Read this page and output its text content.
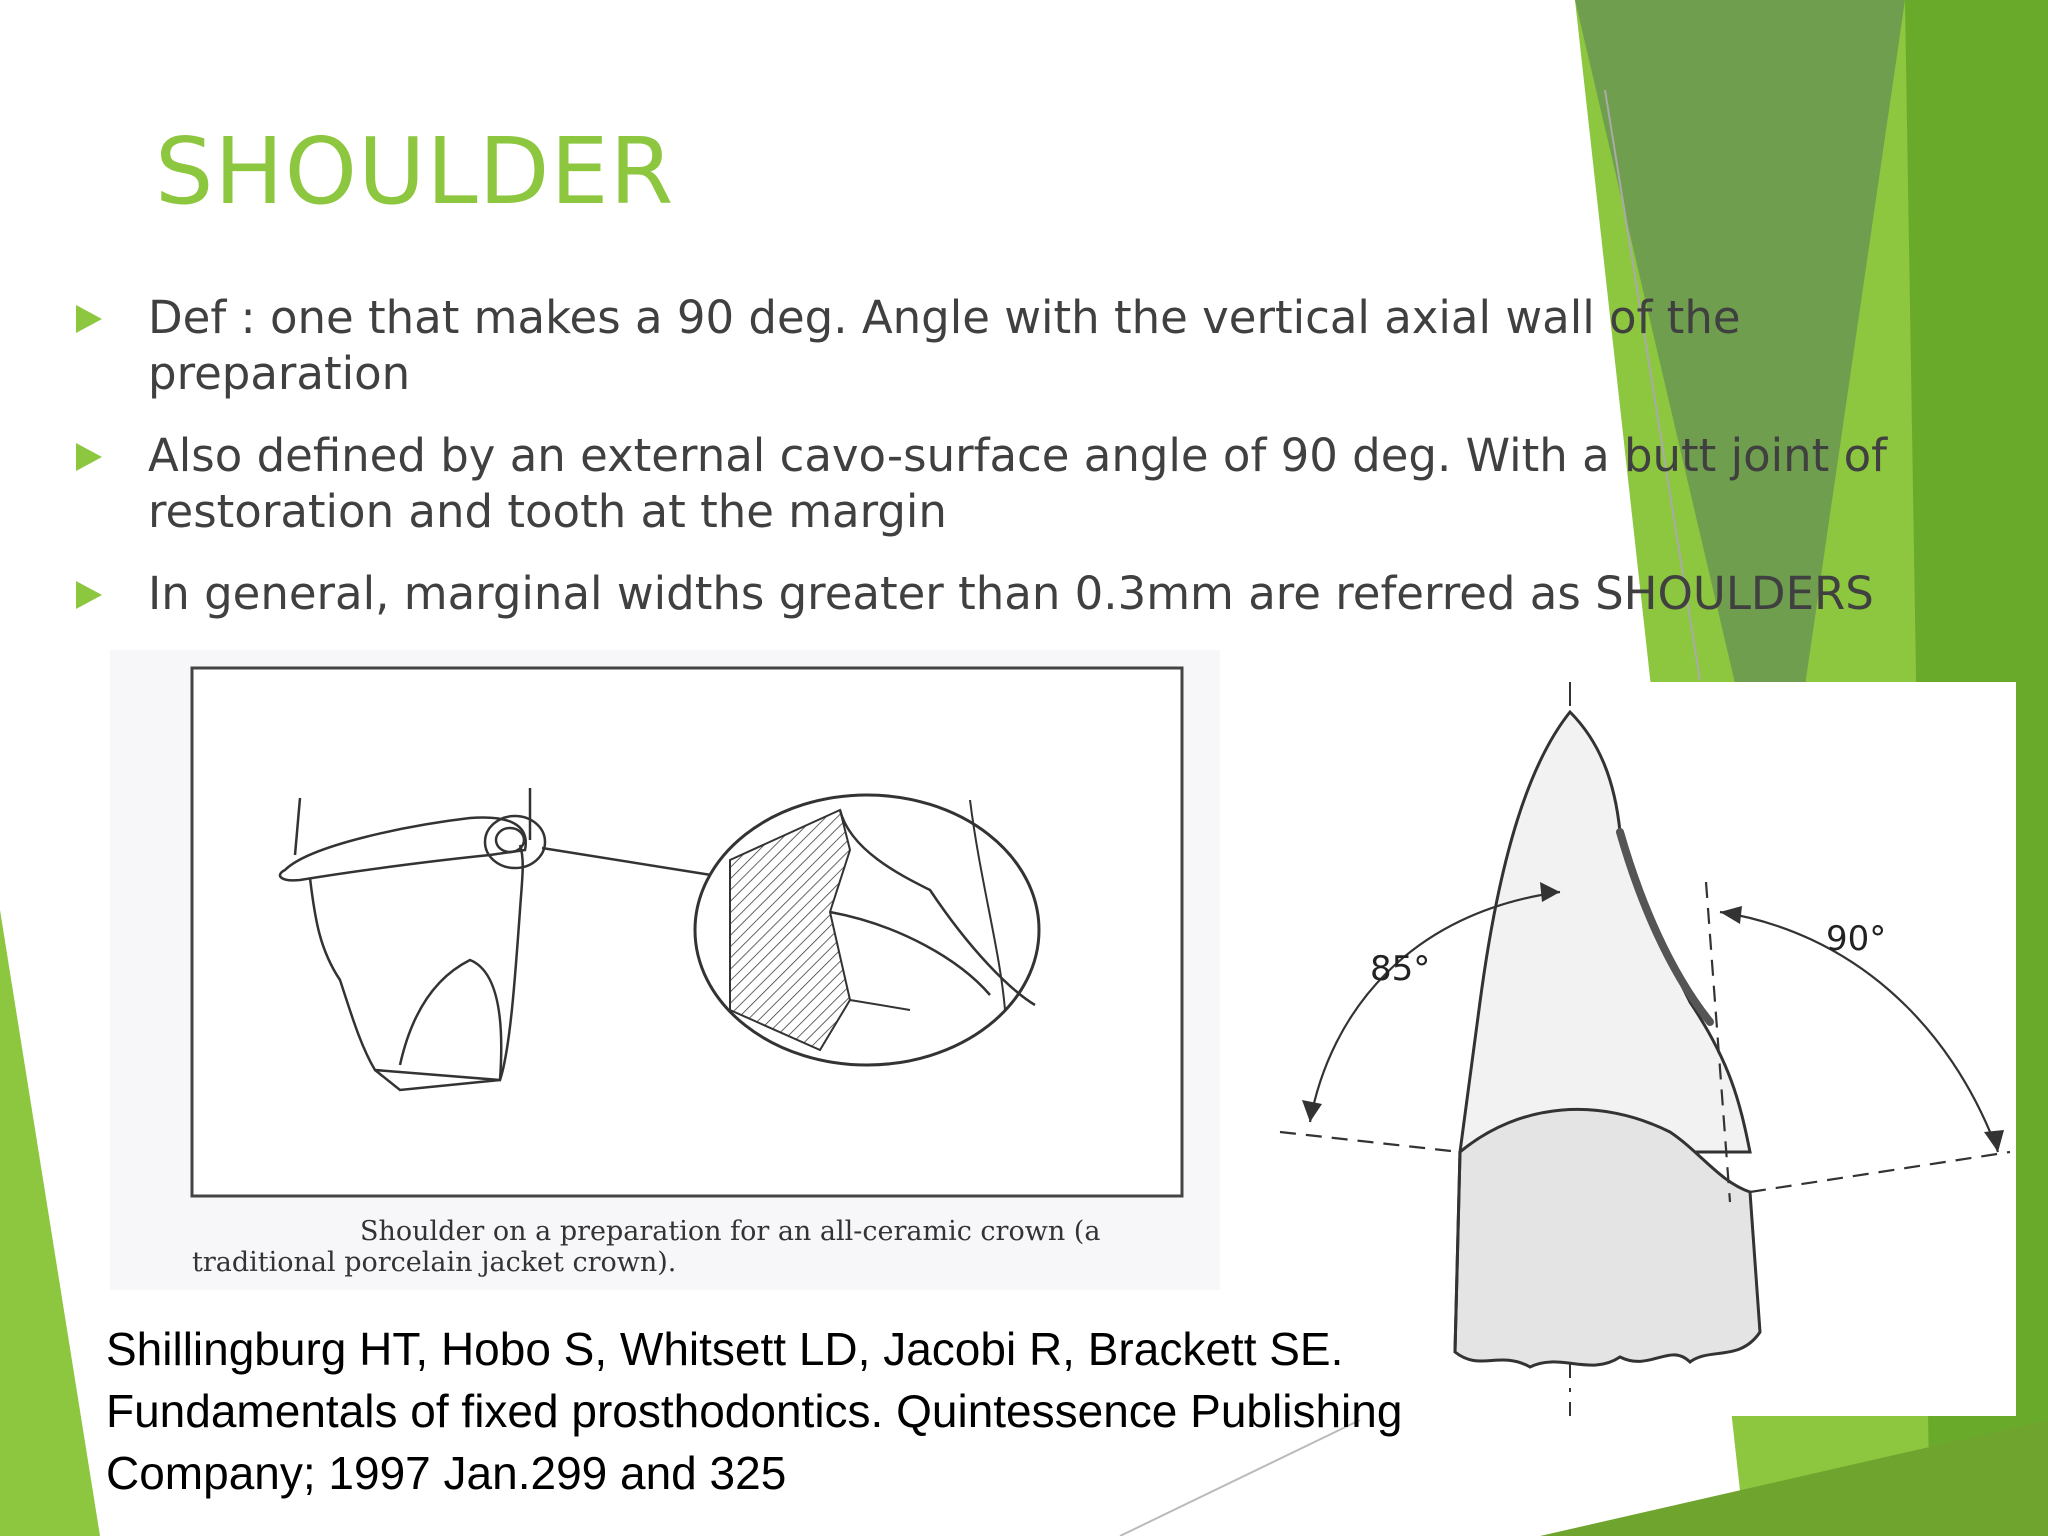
SHOULDER
Def : one that makes a 90 deg. Angle with the vertical axial wall of the preparation
Also defined by an external cavo-surface angle of 90 deg. With a butt joint of restoration and tooth at the margin
In general, marginal widths greater than 0.3mm are referred as SHOULDERS
Shoulder on a preparation for an all-ceramic crown (a
traditional porcelain jacket crown).
85°
90°
Shillingburg HT, Hobo S, Whitsett LD, Jacobi R, Brackett SE. Fundamentals of fixed prosthodontics. Quintessence Publishing Company; 1997 Jan.299 and 325
